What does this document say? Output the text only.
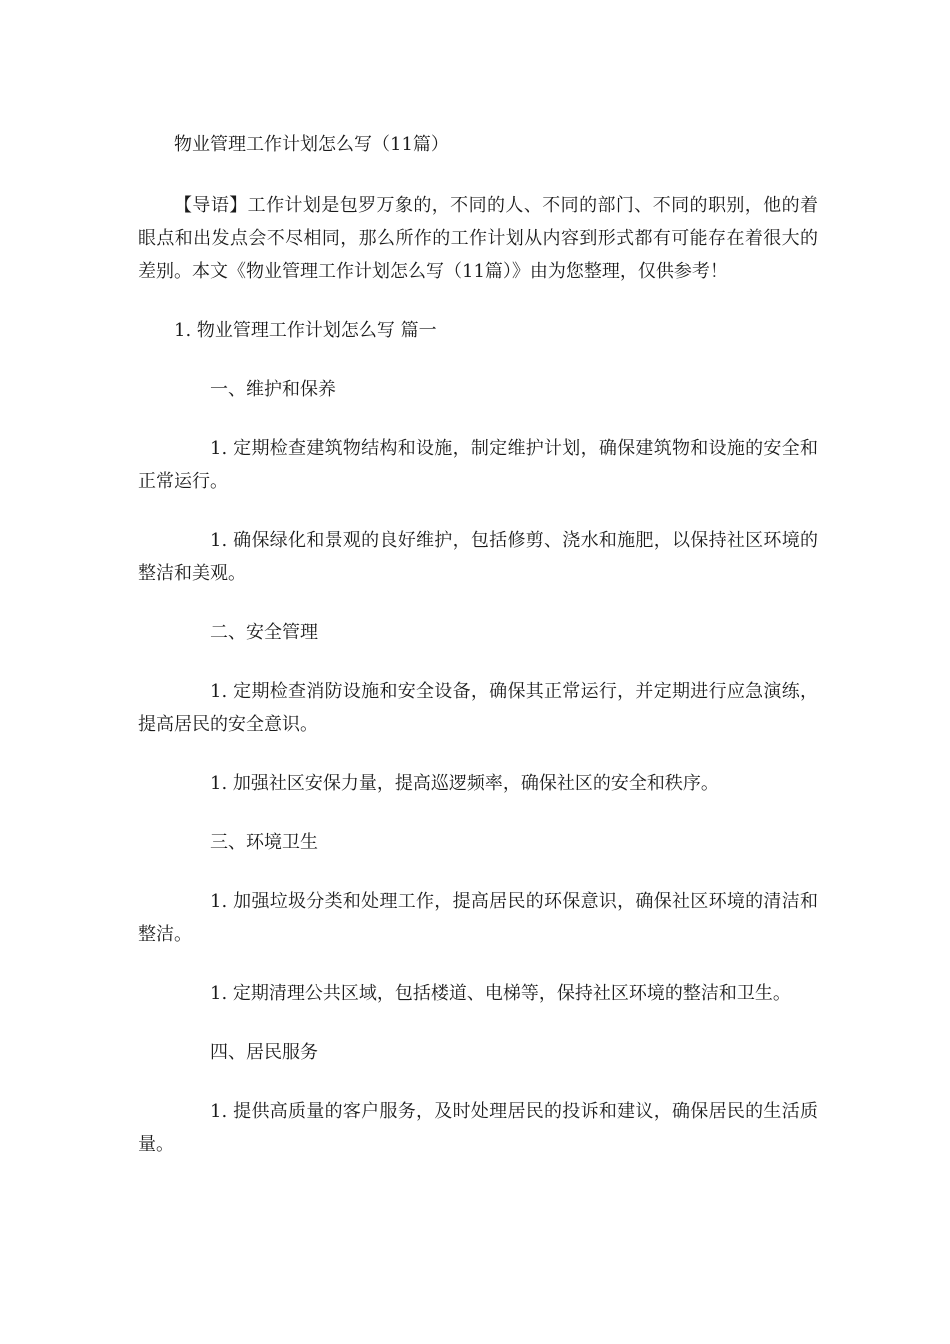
物业管理工作计划怎么写（11篇）

【导语】工作计划是包罗万象的，不同的人、不同的部门、不同的职别，他的着眼点和出发点会不尽相同，那么所作的工作计划从内容到形式都有可能存在着很大的差别。本文《物业管理工作计划怎么写（11篇）》由为您整理，仅供参考！

1. 物业管理工作计划怎么写 篇一

一、维护和保养

1. 定期检查建筑物结构和设施，制定维护计划，确保建筑物和设施的安全和正常运行。

1. 确保绿化和景观的良好维护，包括修剪、浇水和施肥，以保持社区环境的整洁和美观。

二、安全管理

1. 定期检查消防设施和安全设备，确保其正常运行，并定期进行应急演练，提高居民的安全意识。

1. 加强社区安保力量，提高巡逻频率，确保社区的安全和秩序。

三、环境卫生

1. 加强垃圾分类和处理工作，提高居民的环保意识，确保社区环境的清洁和整洁。

1. 定期清理公共区域，包括楼道、电梯等，保持社区环境的整洁和卫生。

四、居民服务

1. 提供高质量的客户服务，及时处理居民的投诉和建议，确保居民的生活质量。
